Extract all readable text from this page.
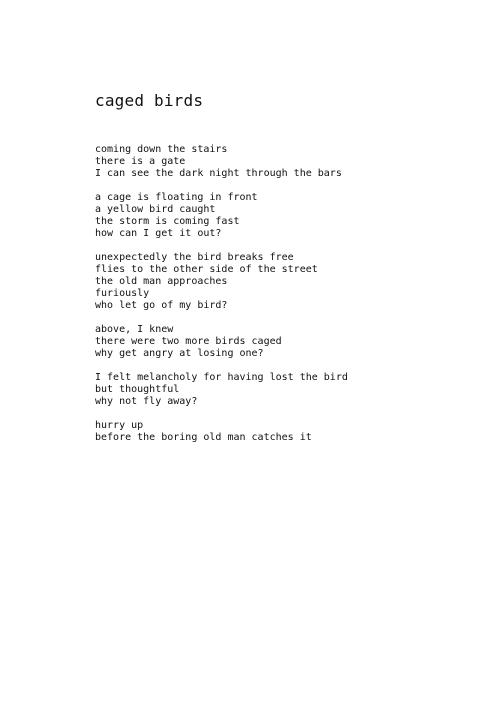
caged birds
coming down the stairs
there is a gate
I can see the dark night through the bars
a cage is floating in front
a yellow bird caught
the storm is coming fast
how can I get it out?
unexpectedly the bird breaks free
flies to the other side of the street
the old man approaches
furiously
who let go of my bird?
above, I knew
there were two more birds caged
why get angry at losing one?
I felt melancholy for having lost the bird
but thoughtful
why not fly away?
hurry up
before the boring old man catches it
